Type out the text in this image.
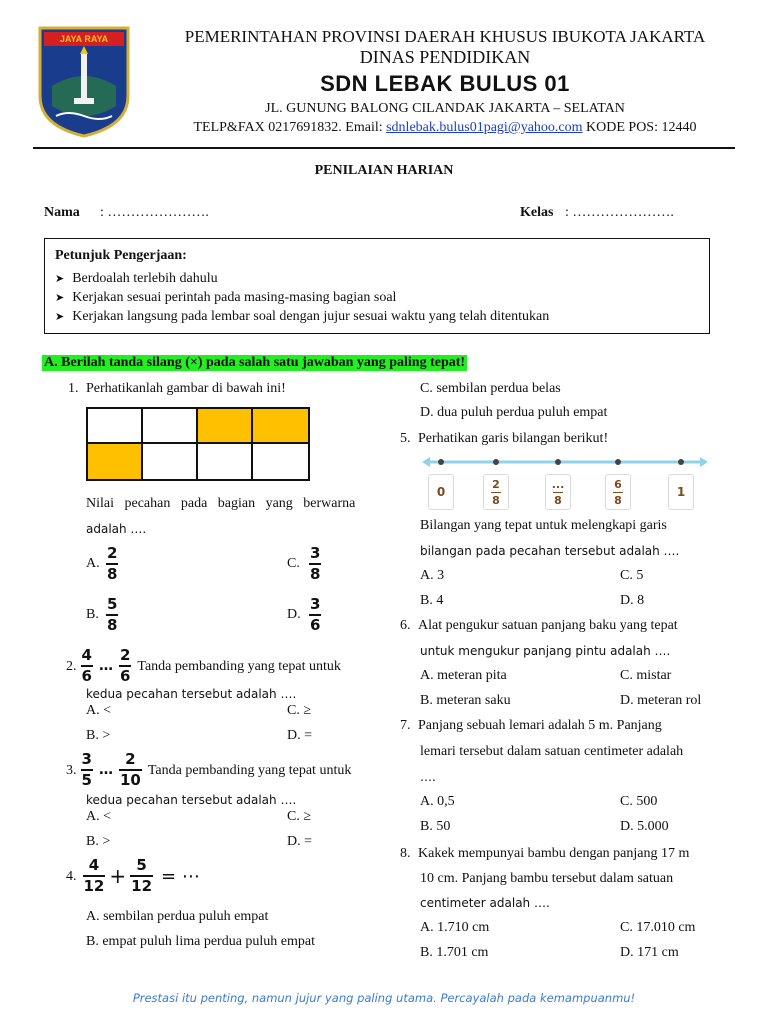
JAYA RAYA	PEMERINTAHAN PROVINSI DAERAH KHUSUS IBUKOTA JAKARTA
DINAS PENDIDIKAN
SDN LEBAK BULUS 01
JL. GUNUNG BALONG CILANDAK JAKARTA – SELATAN
TELP&FAX 0217691832. Email: sdnlebak.bulus01pagi@yahoo.com KODE POS: 12440
PENILAIAN HARIAN
Nama : ………………….	Kelas : ………………….
Petunjuk Pengerjaan:
➤ Berdoalah terlebih dahulu
➤ Kerjakan sesuai perintah pada masing-masing bagian soal
➤ Kerjakan langsung pada lembar soal dengan jujur sesuai waktu yang telah ditentukan
A. Berilah tanda silang (×) pada salah satu jawaban yang paling tepat!
1. Perhatikanlah gambar di bawah ini!
Nilai   pecahan   pada   bagian   yang   berwarna
adalah ….
A. $\frac{2}{8}$	C. $\frac{3}{8}$
B. $\frac{5}{8}$	D. $\frac{3}{6}$
2. $\frac{4}{6}$ … $\frac{2}{6}$ Tanda pembanding yang tepat untuk
kedua pecahan tersebut adalah ….
A. <	C. ≥
B. >	D. =
3. $\frac{3}{5}$ … $\frac{2}{10}$ Tanda pembanding yang tepat untuk
kedua pecahan tersebut adalah ….
A. <	C. ≥
B. >	D. =
4. $\frac{4}{12} + \frac{5}{12}$ = ⋯
A. sembilan perdua puluh empat
B. empat puluh lima perdua puluh empat
C. sembilan perdua belas
D. dua puluh perdua puluh empat
5. Perhatikan garis bilangan berikut!
0	$\frac{2}{8}$	$\frac{...}{8}$	$\frac{6}{8}$	1
Bilangan yang tepat untuk melengkapi garis
bilangan pada pecahan tersebut adalah ….
A. 3	C. 5
B. 4	D. 8
6. Alat pengukur satuan panjang baku yang tepat
untuk mengukur panjang pintu adalah ….
A. meteran pita	C. mistar
B. meteran saku	D. meteran rol
7. Panjang sebuah lemari adalah 5 m. Panjang
lemari tersebut dalam satuan centimeter adalah
….
A. 0,5	C. 500
B. 50	D. 5.000
8. Kakek mempunyai bambu dengan panjang 17 m
10 cm. Panjang bambu tersebut dalam satuan
centimeter adalah ….
A. 1.710 cm	C. 17.010 cm
B. 1.701 cm	D. 171 cm
Prestasi itu penting, namun jujur yang paling utama. Percayalah pada kemampuanmu!
